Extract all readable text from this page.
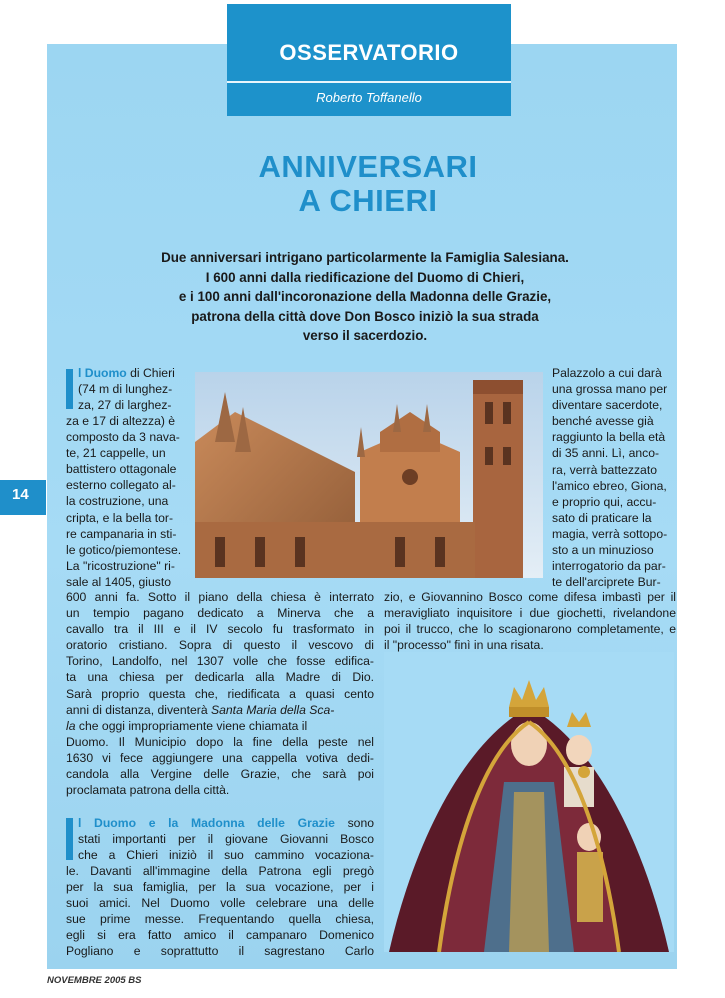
OSSERVATORIO
Roberto Toffanello
ANNIVERSARI
A CHIERI
Due anniversari intrigano particolarmente la Famiglia Salesiana.
I 600 anni dalla riedificazione del Duomo di Chieri,
e i 100 anni dall'incoronazione della Madonna delle Grazie,
patrona della città dove Don Bosco iniziò la sua strada
verso il sacerdozio.
l Duomo di Chieri
(74 m di lunghez-
za, 27 di larghez-
za e 17 di altezza) è
composto da 3 nava-
te, 21 cappelle, un
battistero ottagonale
esterno collegato al-
la costruzione, una
cripta, e la bella tor-
re campanaria in sti-
le gotico/piemontese.
La "ricostruzione" ri-
sale al 1405, giusto
600 anni fa. Sotto il piano della chiesa è interrato
un tempio pagano dedicato a Minerva che a
cavallo tra il III e il IV secolo fu trasformato in
oratorio cristiano. Sopra di questo il vescovo di
Torino, Landolfo, nel 1307 volle che fosse edifica-
ta una chiesa per dedicarla alla Madre di Dio.
Sarà proprio questa che, riedificata a quasi cento
anni di distanza, diventerà Santa Maria della Sca-
la che oggi impropriamente viene chiamata il
Duomo. Il Municipio dopo la fine della peste nel
1630 vi fece aggiungere una cappella votiva dedi-
candola alla Vergine delle Grazie, che sarà poi
proclamata patrona della città.
l Duomo e la Madonna delle Grazie sono
stati importanti per il giovane Giovanni Bosco
che a Chieri iniziò il suo cammino vocaziona-
le. Davanti all'immagine della Patrona egli pregò
per la sua famiglia, per la sua vocazione, per i
suoi amici. Nel Duomo volle celebrare una delle
sue prime messe. Frequentando quella chiesa,
egli si era fatto amico il campanaro Domenico
Pogliano e soprattutto il sagrestano Carlo
Palazzolo a cui darà
una grossa mano per
diventare sacerdote,
benché avesse già
raggiunto la bella età
di 35 anni. Lì, anco-
ra, verrà battezzato
l'amico ebreo, Giona,
e proprio qui, accu-
sato di praticare la
magia, verrà sottopo-
sto a un minuzioso
interrogatorio da par-
te dell'arciprete Bur-
zio, e Giovannino Bosco come difesa imbastì per il
meravigliato inquisitore i due giochetti, rivelandone
poi il trucco, che lo scagionarono completamente, e
il "processo" finì in una risata.
14
NOVEMBRE 2005 BS
